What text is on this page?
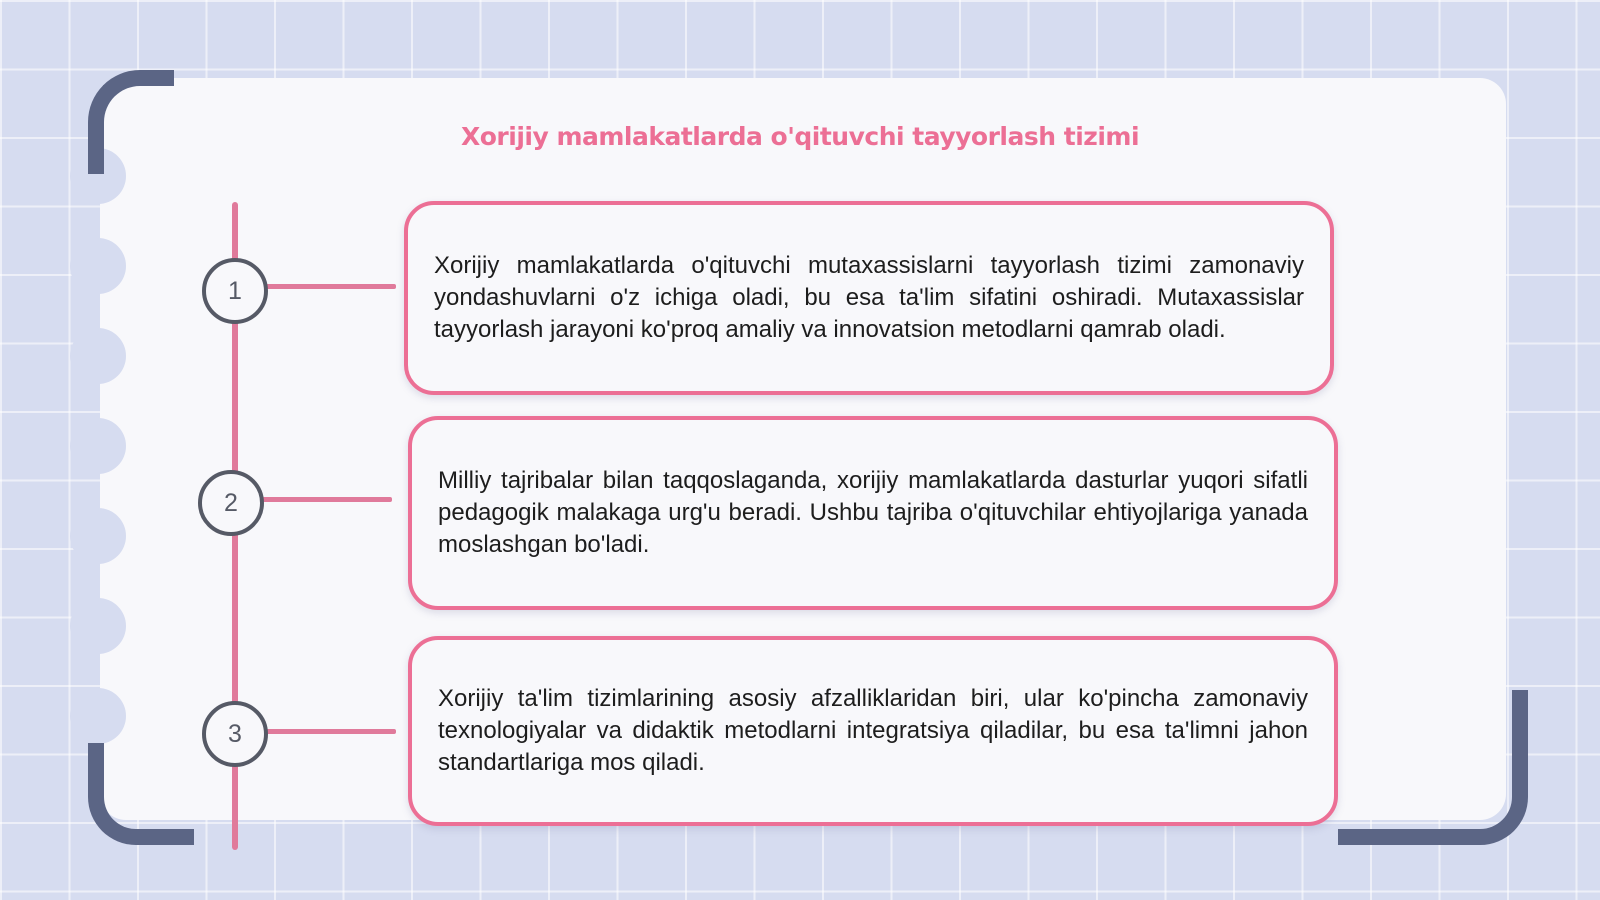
Xorijiy mamlakatlarda o'qituvchi tayyorlash tizimi
1
2
3
Xorijiy mamlakatlarda o'qituvchi mutaxassislarni tayyorlash tizimi zamonaviy yondashuvlarni o'z ichiga oladi, bu esa ta'lim sifatini oshiradi. Mutaxassislar tayyorlash jarayoni ko'proq amaliy va innovatsion metodlarni qamrab oladi.
Milliy tajribalar bilan taqqoslaganda, xorijiy mamlakatlarda dasturlar yuqori sifatli pedagogik malakaga urg'u beradi. Ushbu tajriba o'qituvchilar ehtiyojlariga yanada moslashgan bo'ladi.
Xorijiy ta'lim tizimlarining asosiy afzalliklaridan biri, ular ko'pincha zamonaviy texnologiyalar va didaktik metodlarni integratsiya qiladilar, bu esa ta'limni jahon standartlariga mos qiladi.
